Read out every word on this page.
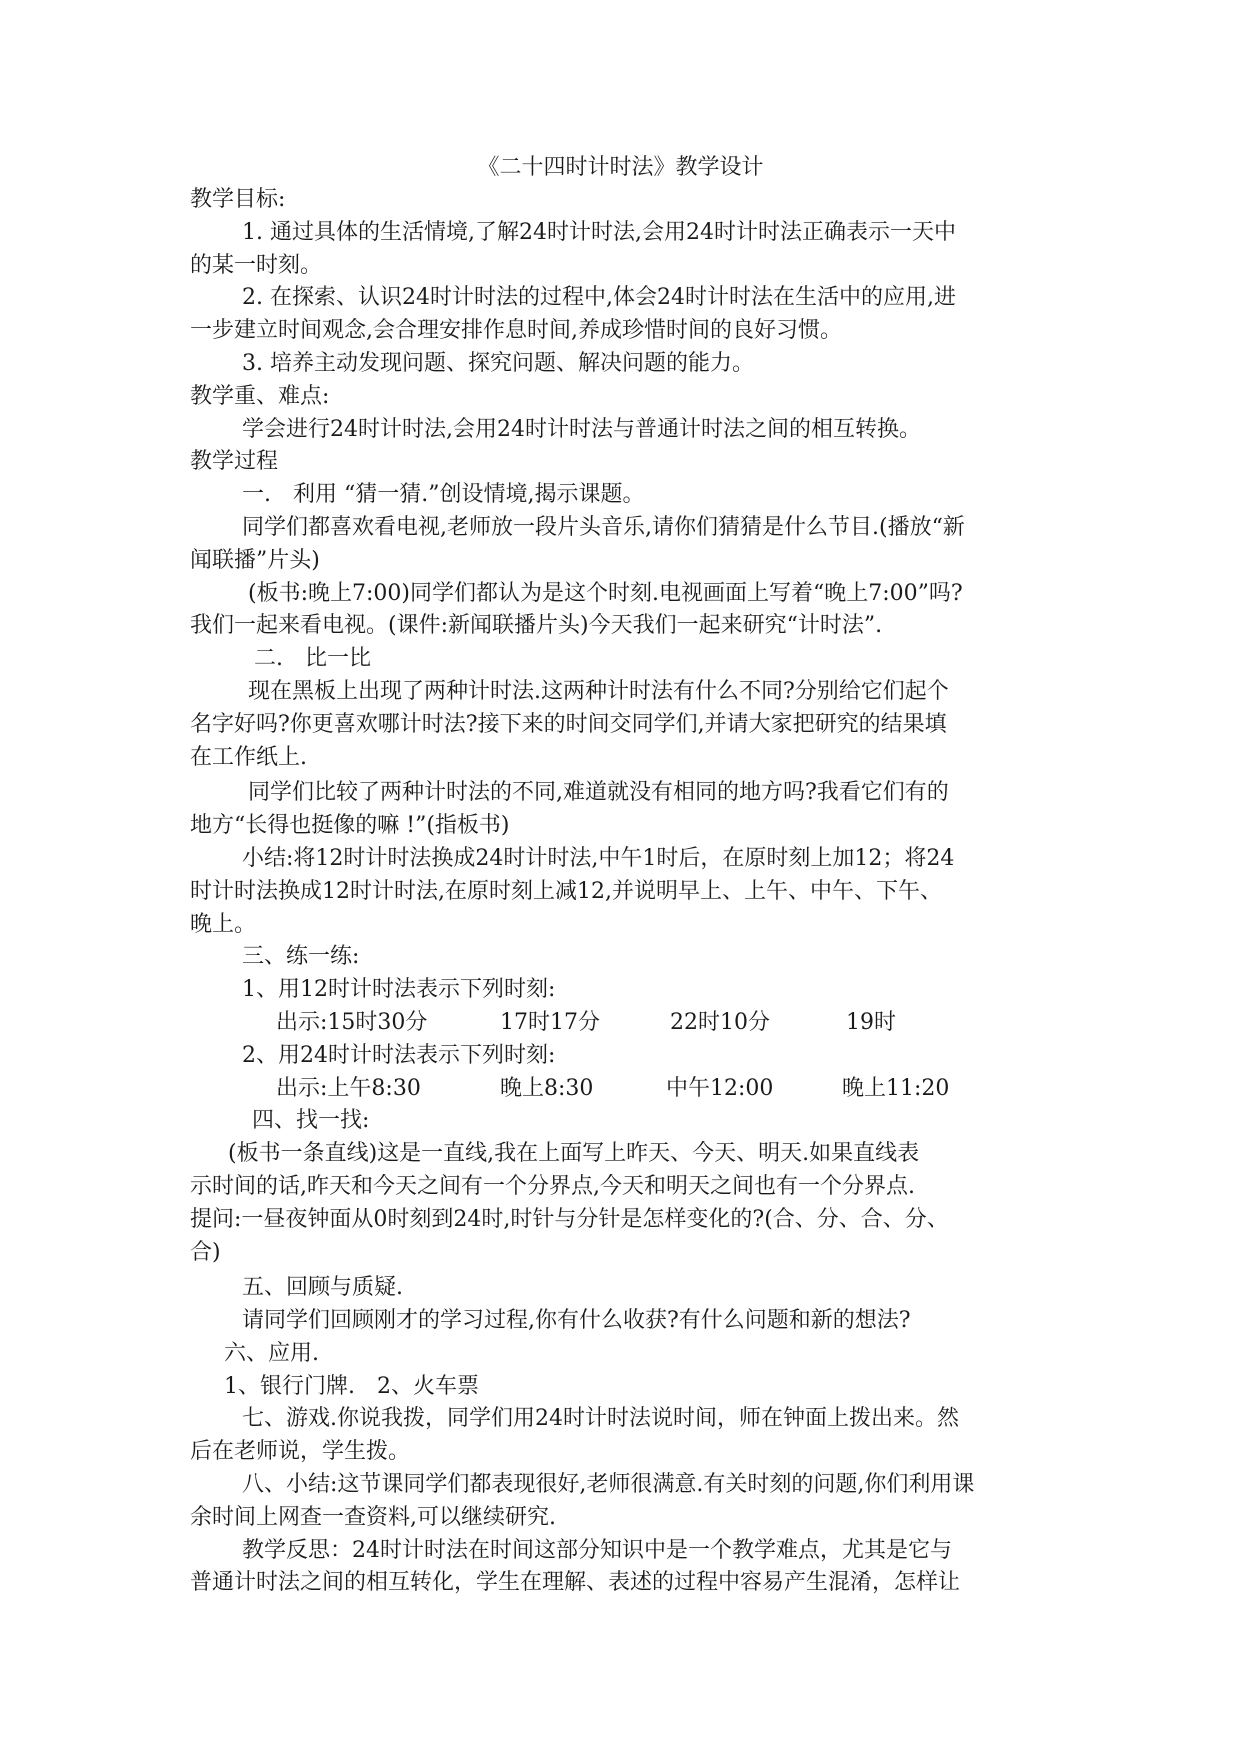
《二十四时计时法》教学设计
教学目标:
1. 通过具体的生活情境,了解24时计时法,会用24时计时法正确表示一天中
的某一时刻。
2. 在探索、认识24时计时法的过程中,体会24时计时法在生活中的应用,进
一步建立时间观念,会合理安排作息时间,养成珍惜时间的良好习惯。
3. 培养主动发现问题、探究问题、解决问题的能力。
教学重、难点:
学会进行24时计时法,会用24时计时法与普通计时法之间的相互转换。
教学过程
一.　利用 “猜一猜.”创设情境,揭示课题。
同学们都喜欢看电视,老师放一段片头音乐,请你们猜猜是什么节目.(播放“新
闻联播”片头)
(板书:晚上7:00)同学们都认为是这个时刻.电视画面上写着“晚上7:00”吗?
我们一起来看电视。(课件:新闻联播片头)今天我们一起来研究“计时法”.
二.　比一比
现在黑板上出现了两种计时法.这两种计时法有什么不同?分别给它们起个
名字好吗?你更喜欢哪计时法?接下来的时间交同学们,并请大家把研究的结果填
在工作纸上.
同学们比较了两种计时法的不同,难道就没有相同的地方吗?我看它们有的
地方“长得也挺像的嘛 !”(指板书)
小结:将12时计时法换成24时计时法,中午1时后，在原时刻上加12；将24
时计时法换成12时计时法,在原时刻上减12,并说明早上、上午、中午、下午、
晚上。
三、练一练:
1、用12时计时法表示下列时刻:
出示:15时30分	17时17分	22时10分	19时
2、用24时计时法表示下列时刻:
出示:上午8:30	晚上8:30	中午12:00	晚上11:20
四、找一找:
(板书一条直线)这是一直线,我在上面写上昨天、今天、明天.如果直线表
示时间的话,昨天和今天之间有一个分界点,今天和明天之间也有一个分界点.
提问:一昼夜钟面从0时刻到24时,时针与分针是怎样变化的?(合、分、合、分、
合)
五、回顾与质疑.
请同学们回顾刚才的学习过程,你有什么收获?有什么问题和新的想法?
六、应用.
1、银行门牌.　2、火车票
七、游戏.你说我拨，同学们用24时计时法说时间，师在钟面上拨出来。然
后在老师说，学生拨。
八、小结:这节课同学们都表现很好,老师很满意.有关时刻的问题,你们利用课
余时间上网查一查资料,可以继续研究.
教学反思：24时计时法在时间这部分知识中是一个教学难点，尤其是它与
普通计时法之间的相互转化，学生在理解、表述的过程中容易产生混淆，怎样让
